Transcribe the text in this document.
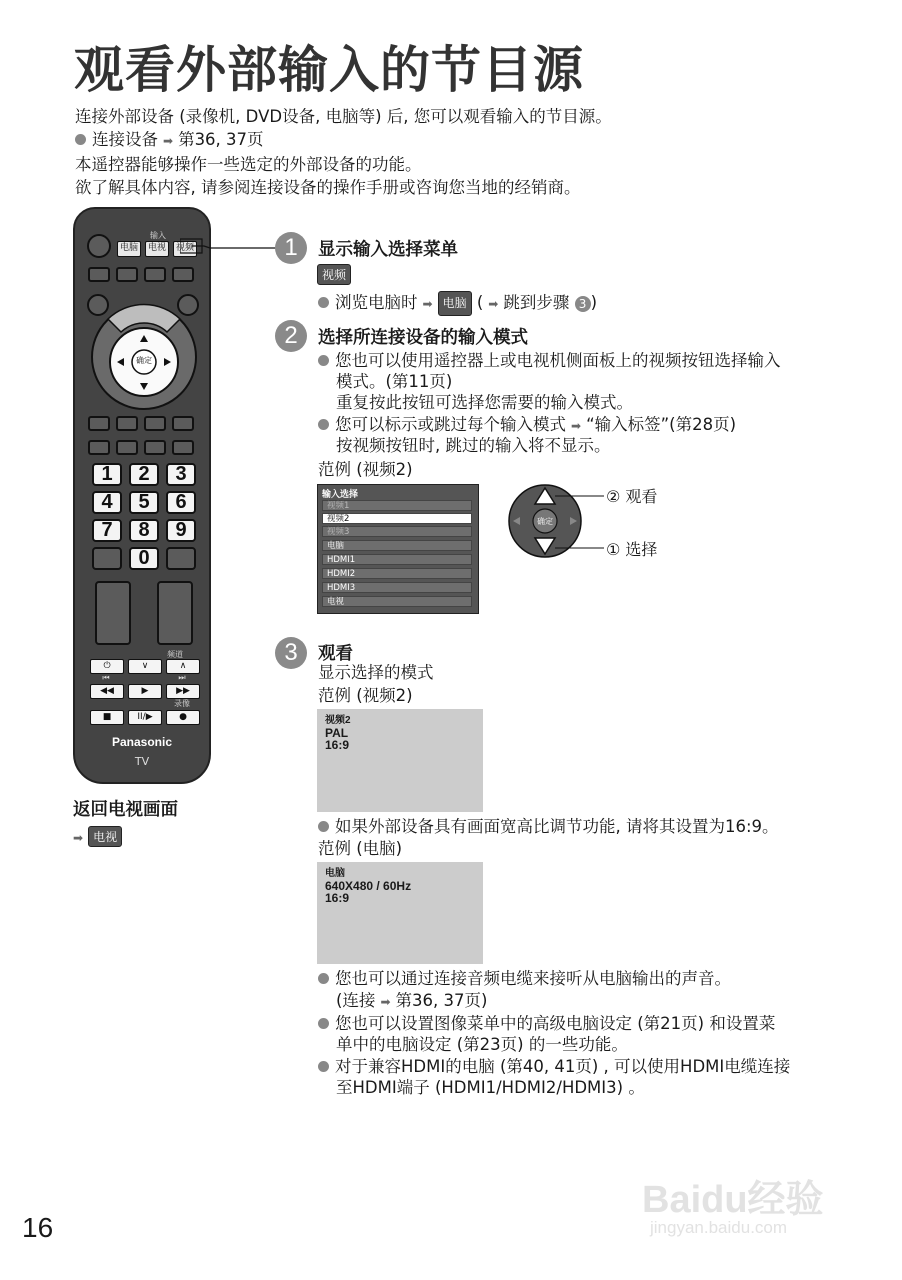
观看外部输入的节目源
连接外部设备 (录像机, DVD设备, 电脑等) 后, 您可以观看输入的节目源。
连接设备 ➡ 第36, 37页
本遥控器能够操作一些选定的外部设备的功能。
欲了解具体内容, 请参阅连接设备的操作手册或咨询您当地的经销商。
输入
电脑	电视	视频
确定
1	2	3
4	5	6
7	8	9
0
频道
⏻	∨	∧
⏮	⏭
◀◀	▶	▶▶
录像
■	II/▶	●
Panasonic
TV
返回电视画面
➡ 电视
1	显示输入选择菜单
视频
浏览电脑时 ➡ 电脑 ( ➡ 跳到步骤 3 )
2	选择所连接设备的输入模式
您也可以使用遥控器上或电视机侧面板上的视频按钮选择输入
模式。(第11页)
重复按此按钮可选择您需要的输入模式。
您可以标示或跳过每个输入模式 ➡ “输入标签”(第28页)
按视频按钮时, 跳过的输入将不显示。
范例 (视频2)
输入选择
视频1
视频2
视频3
电脑
HDMI1
HDMI2
HDMI3
电视
确定
② 观看
① 选择
3	观看
显示选择的模式
范例 (视频2)
视频2
PAL
16:9
如果外部设备具有画面宽高比调节功能, 请将其设置为16:9。
范例 (电脑)
电脑
640X480 / 60Hz
16:9
您也可以通过连接音频电缆来接听从电脑输出的声音。
(连接 ➡ 第36, 37页)
您也可以设置图像菜单中的高级电脑设定 (第21页) 和设置菜
单中的电脑设定 (第23页) 的一些功能。
对于兼容HDMI的电脑 (第40, 41页) , 可以使用HDMI电缆连接
至HDMI端子 (HDMI1/HDMI2/HDMI3) 。
16
Baidu经验
jingyan.baidu.com
